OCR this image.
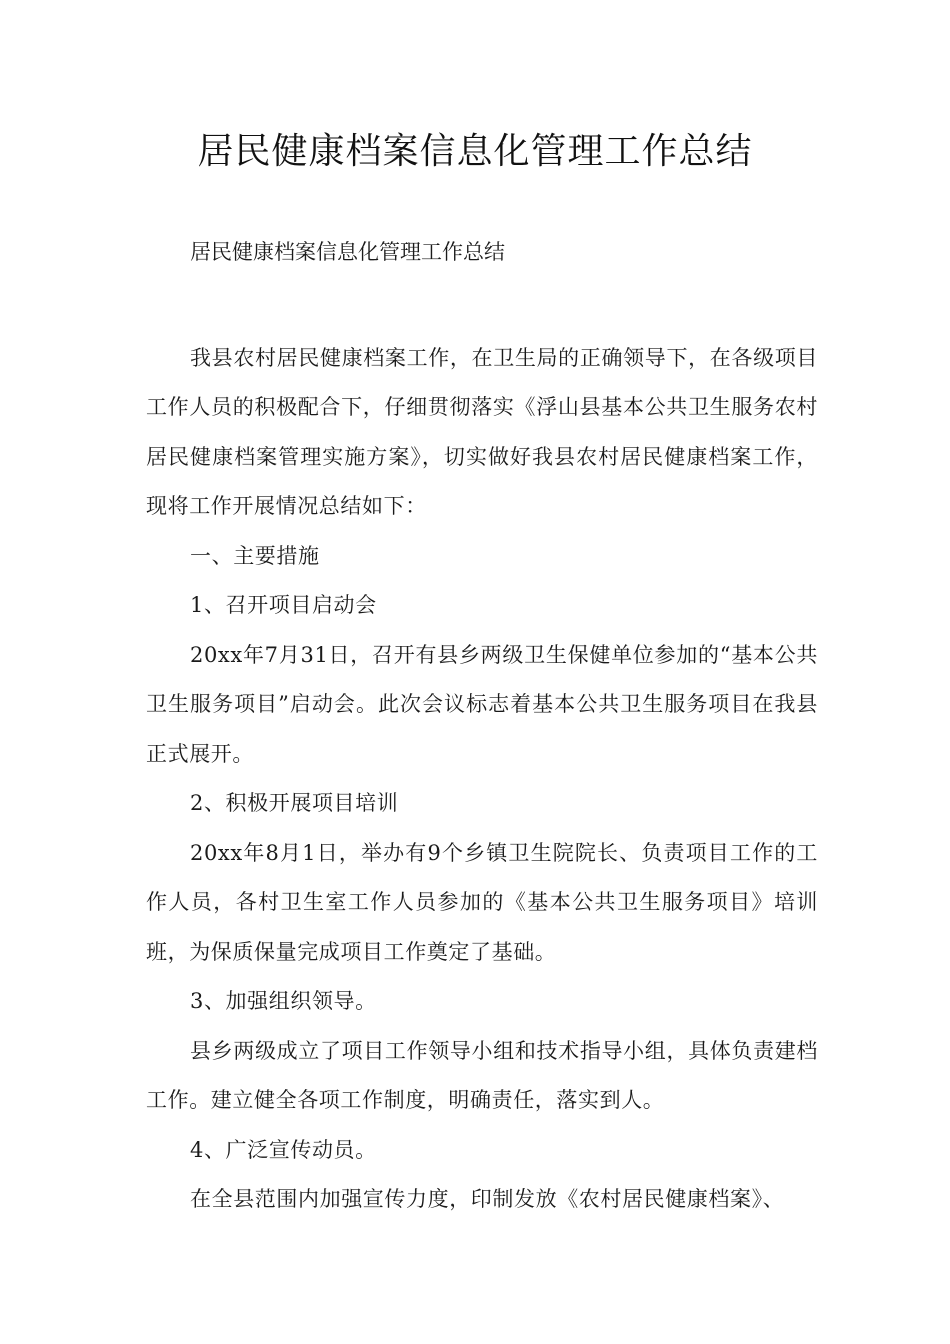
居民健康档案信息化管理工作总结

居民健康档案信息化管理工作总结

我县农村居民健康档案工作，在卫生局的正确领导下，在各级项目工作人员的积极配合下，仔细贯彻落实《浮山县基本公共卫生服务农村居民健康档案管理实施方案》，切实做好我县农村居民健康档案工作，现将工作开展情况总结如下：

一、主要措施

1、召开项目启动会

20xx年7月31日，召开有县乡两级卫生保健单位参加的“基本公共卫生服务项目”启动会。此次会议标志着基本公共卫生服务项目在我县正式展开。

2、积极开展项目培训

20xx年8月1日，举办有9个乡镇卫生院院长、负责项目工作的工作人员，各村卫生室工作人员参加的《基本公共卫生服务项目》培训班，为保质保量完成项目工作奠定了基础。

3、加强组织领导。

县乡两级成立了项目工作领导小组和技术指导小组，具体负责建档工作。建立健全各项工作制度，明确责任，落实到人。

4、广泛宣传动员。

在全县范围内加强宣传力度，印制发放《农村居民健康档案》、
